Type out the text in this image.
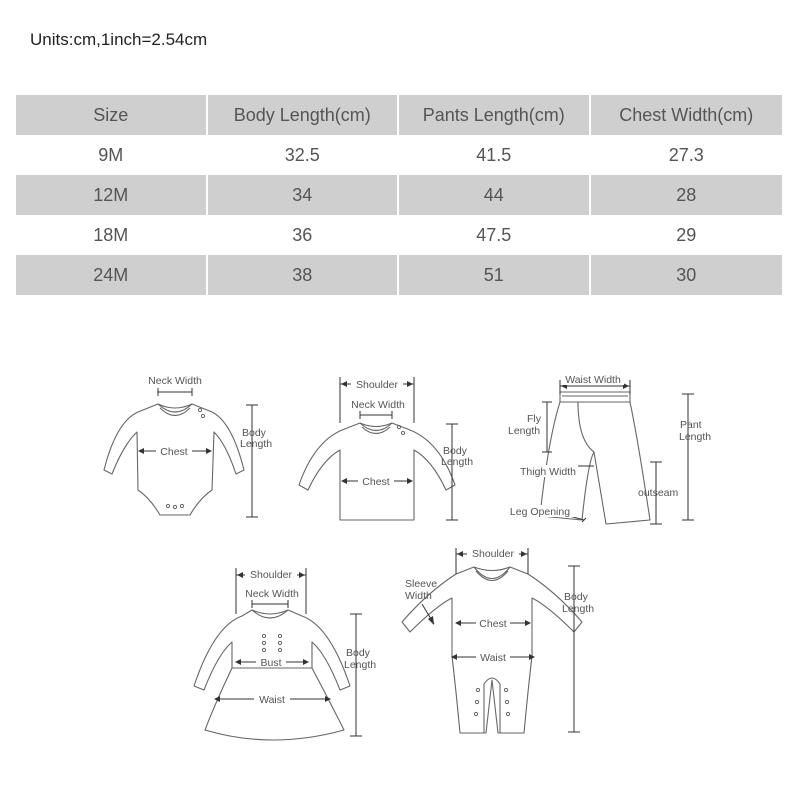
Units:cm,1inch=2.54cm
Size	Body Length(cm)	Pants Length(cm)	Chest Width(cm)
9M	32.5	41.5	27.3
12M	34	44	28
18M	36	47.5	29
24M	38	51	30
Neck Width
Chest
Body
Length
Shoulder
Neck Width
Chest
Body
Length
Waist Width
Fly
Length	Pant
Length
outseam
Thigh Width
Leg Opening
Shoulder
Neck Width
Bust
Waist
Body
Length
Shoulder
Sleeve
Width
Chest
Waist
Body
Length
